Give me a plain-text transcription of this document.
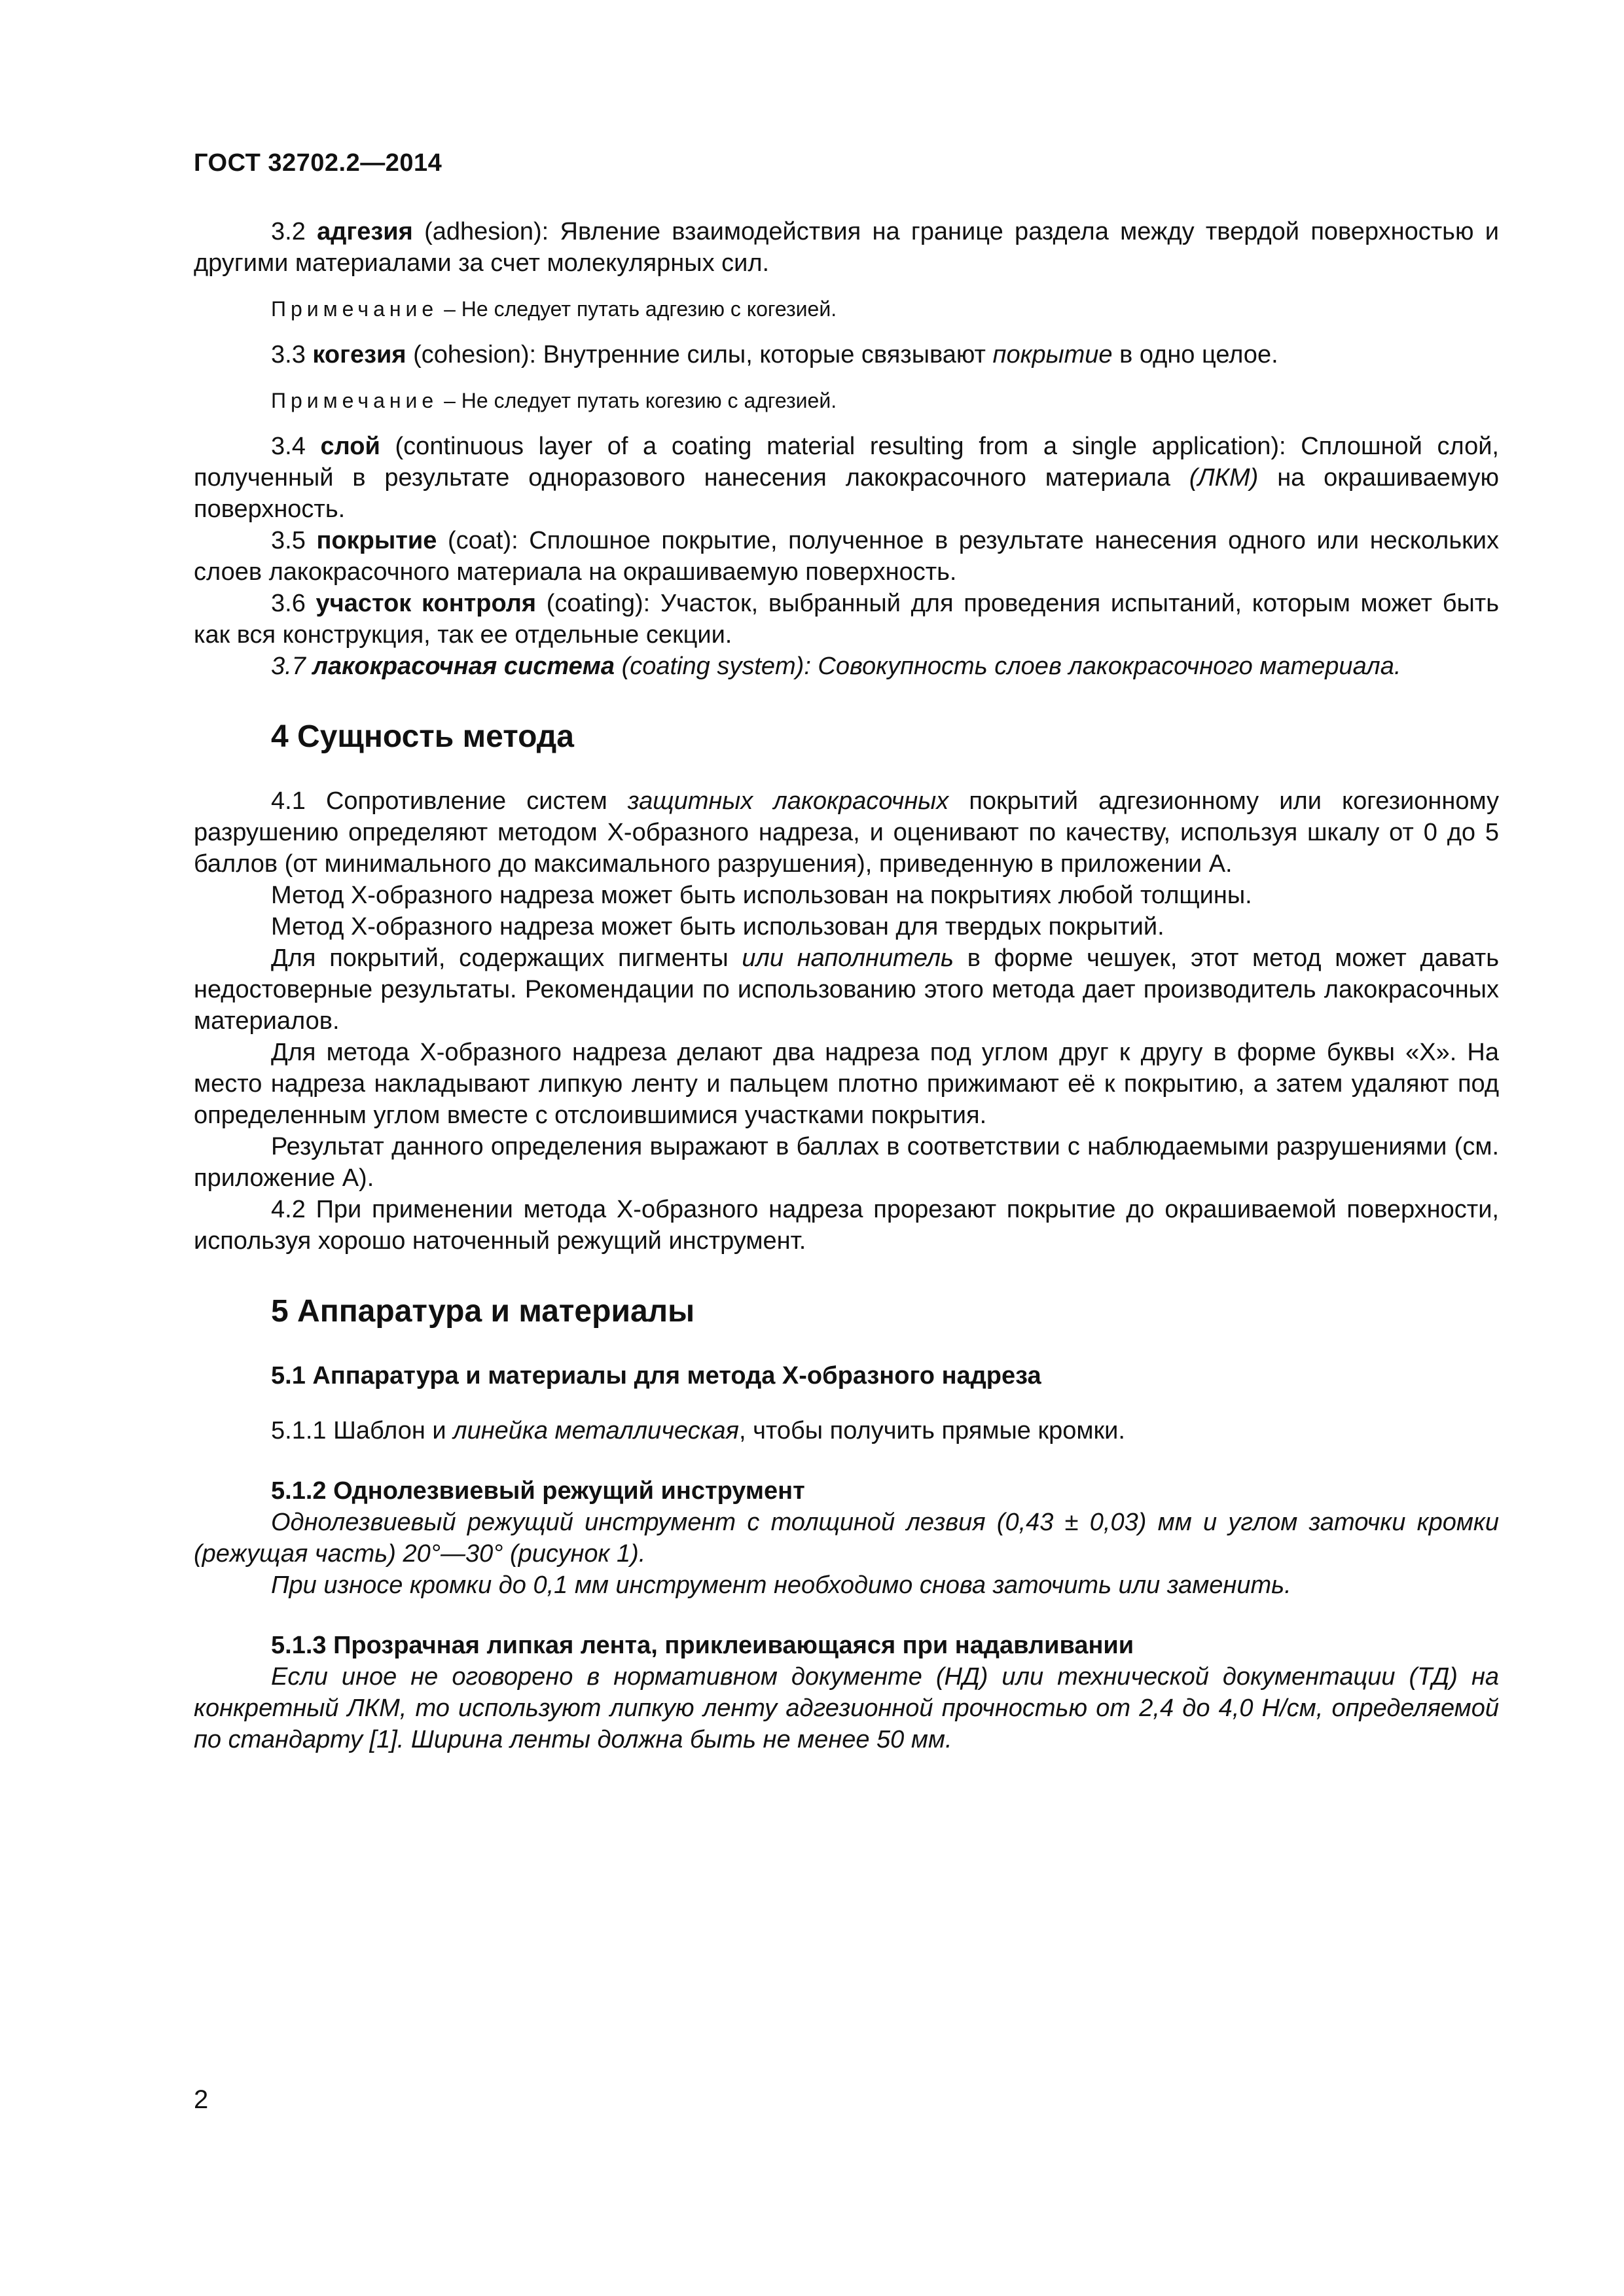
ГОСТ 32702.2—2014

3.2 адгезия (adhesion): Явление взаимодействия на границе раздела между твердой поверхностью и другими материалами за счет молекулярных сил.

Примечание – Не следует путать адгезию с когезией.

3.3 когезия (cohesion): Внутренние силы, которые связывают покрытие в одно целое.

Примечание – Не следует путать когезию с адгезией.

3.4 слой (continuous layer of a coating material resulting from a single application): Сплошной слой, полученный в результате одноразового нанесения лакокрасочного материала (ЛКМ) на окрашиваемую поверхность.

3.5 покрытие (coat): Сплошное покрытие, полученное в результате нанесения одного или нескольких слоев лакокрасочного материала на окрашиваемую поверхность.

3.6 участок контроля (coating): Участок, выбранный для проведения испытаний, которым может быть как вся конструкция, так ее отдельные секции.

3.7 лакокрасочная система (coating system): Совокупность слоев лакокрасочного материала.

4 Сущность метода

4.1 Сопротивление систем защитных лакокрасочных покрытий адгезионному или когезионному разрушению определяют методом Х-образного надреза, и оценивают по качеству, используя шкалу от 0 до 5 баллов (от минимального до максимального разрушения), приведенную в приложении А.

Метод Х-образного надреза может быть использован на покрытиях любой толщины.

Метод Х-образного надреза может быть использован для твердых покрытий.

Для покрытий, содержащих пигменты или наполнитель в форме чешуек, этот метод может давать недостоверные результаты. Рекомендации по использованию этого метода дает производитель лакокрасочных материалов.

Для метода Х-образного надреза делают два надреза под углом друг к другу в форме буквы «Х». На место надреза накладывают липкую ленту и пальцем плотно прижимают её к покрытию, а затем удаляют под определенным углом вместе с отслоившимися участками покрытия.

Результат данного определения выражают в баллах в соответствии с наблюдаемыми разрушениями (см. приложение А).

4.2 При применении метода Х-образного надреза прорезают покрытие до окрашиваемой поверхности, используя хорошо наточенный режущий инструмент.

5 Аппаратура и материалы
5.1 Аппаратура и материалы для метода Х-образного надреза

5.1.1 Шаблон и линейка металлическая, чтобы получить прямые кромки.

5.1.2 Однолезвиевый режущий инструмент

Однолезвиевый режущий инструмент с толщиной лезвия (0,43 ± 0,03) мм и углом заточки кромки (режущая часть) 20°—30° (рисунок 1).

При износе кромки до 0,1 мм инструмент необходимо снова заточить или заменить.

5.1.3 Прозрачная липкая лента, приклеивающаяся при надавливании

Если иное не оговорено в нормативном документе (НД) или технической документации (ТД) на конкретный ЛКМ, то используют липкую ленту адгезионной прочностью от 2,4 до 4,0 Н/см, определяемой по стандарту [1]. Ширина ленты должна быть не менее 50 мм.

2
